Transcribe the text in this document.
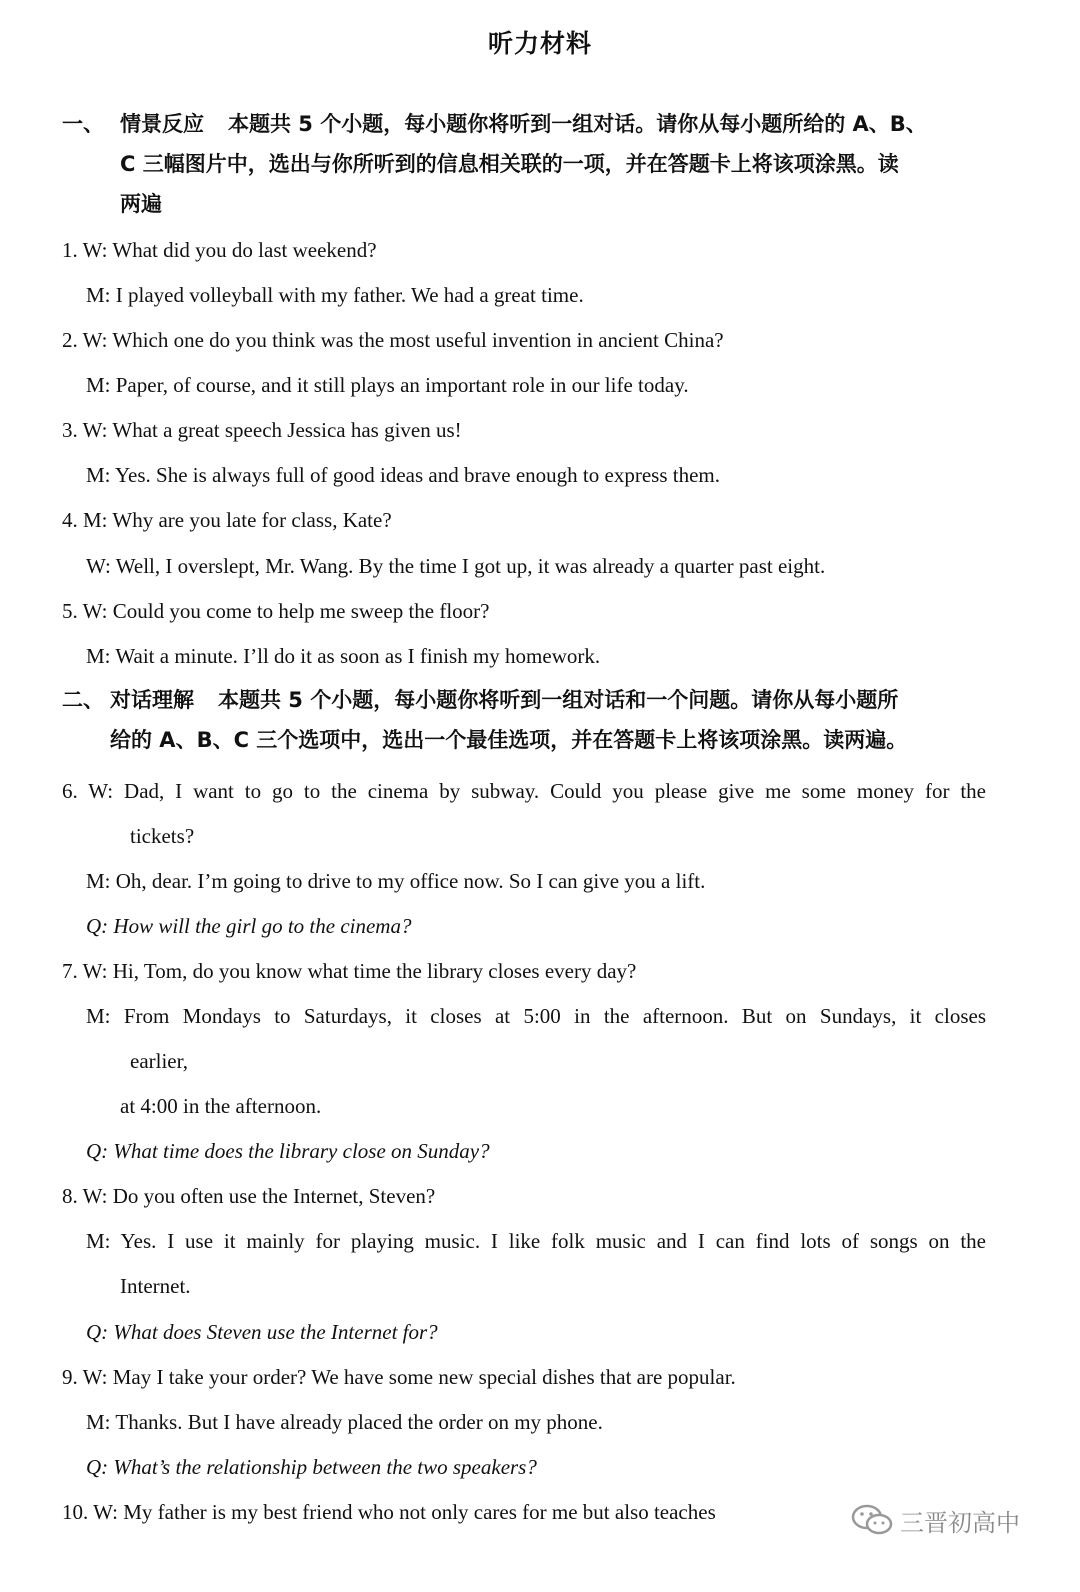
听力材料
一、 情景反应 本题共 5 个小题，每小题你将听到一组对话。请你从每小题所给的 A、B、
C 三幅图片中，选出与你所听到的信息相关联的一项，并在答题卡上将该项涂黑。读
两遍
1. W: What did you do last weekend?
M: I played volleyball with my father. We had a great time.
2. W: Which one do you think was the most useful invention in ancient China?
M: Paper, of course, and it still plays an important role in our life today.
3. W: What a great speech Jessica has given us!
M: Yes. She is always full of good ideas and brave enough to express them.
4. M: Why are you late for class, Kate?
W: Well, I overslept, Mr. Wang. By the time I got up, it was already a quarter past eight.
5. W: Could you come to help me sweep the floor?
M: Wait a minute. I’ll do it as soon as I finish my homework.
二、 对话理解 本题共 5 个小题，每小题你将听到一组对话和一个问题。请你从每小题所
给的 A、B、C 三个选项中，选出一个最佳选项，并在答题卡上将该项涂黑。读两遍。
6. W: Dad, I want to go to the cinema by subway. Could you please give me some money for the
tickets?
M: Oh, dear. I’m going to drive to my office now. So I can give you a lift.
Q: How will the girl go to the cinema?
7. W: Hi, Tom, do you know what time the library closes every day?
M: From Mondays to Saturdays, it closes at 5:00 in the afternoon. But on Sundays, it closes
earlier,
at 4:00 in the afternoon.
Q: What time does the library close on Sunday?
8. W: Do you often use the Internet, Steven?
M: Yes. I use it mainly for playing music. I like folk music and I can find lots of songs on the
Internet.
Q: What does Steven use the Internet for?
9. W: May I take your order? We have some new special dishes that are popular.
M: Thanks. But I have already placed the order on my phone.
Q: What’s the relationship between the two speakers?
10. W: My father is my best friend who not only cares for me but also teaches	三晋初高中
